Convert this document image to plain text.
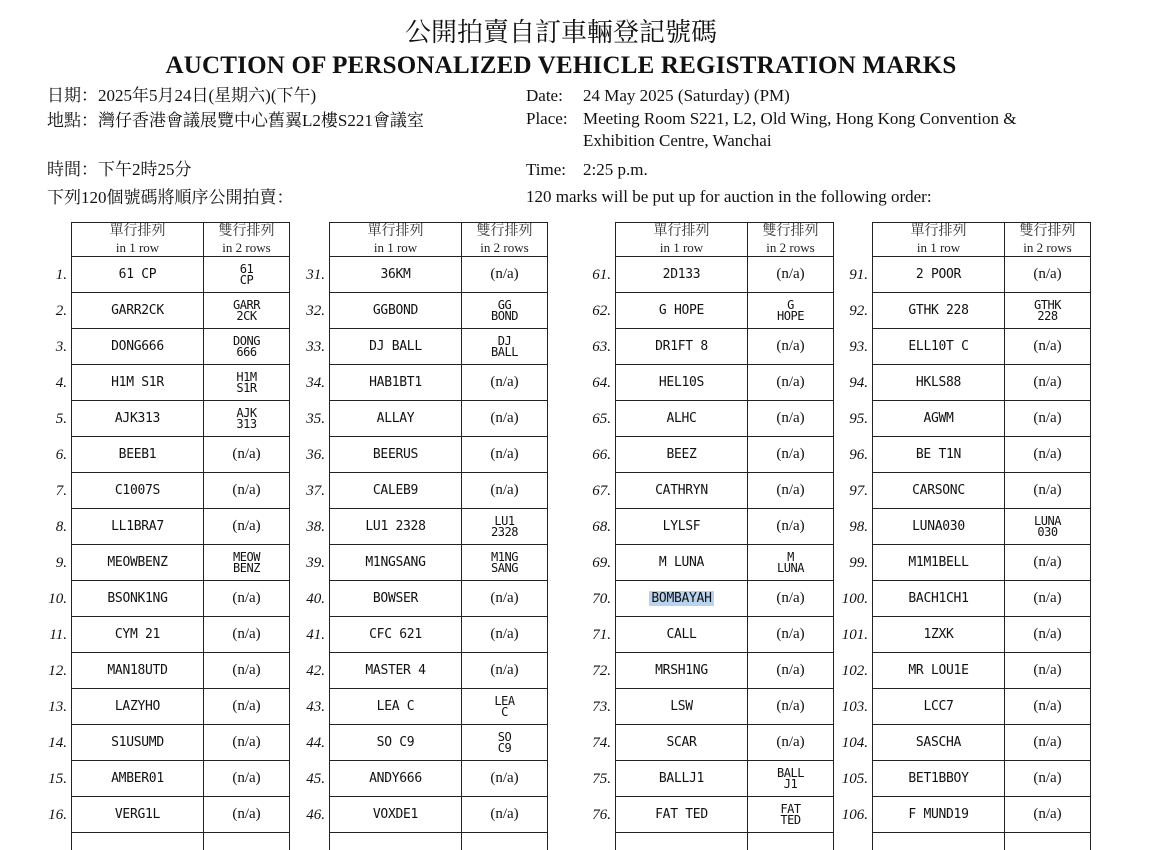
公開拍賣自訂車輛登記號碼
AUCTION OF PERSONALIZED VEHICLE REGISTRATION MARKS
日期：2025年5月24日(星期六)(下午)
地點：灣仔香港會議展覽中心舊翼L2樓S221會議室
時間：下午2時25分
下列120個號碼將順序公開拍賣：
Date: 24 May 2025 (Saturday) (PM)
Place: Meeting Room S221, L2, Old Wing, Hong Kong Convention & Exhibition Centre, Wanchai
Time: 2:25 p.m.
120 marks will be put up for auction in the following order:
單行排列
in 1 row
雙行排列
in 2 rows
1.	61 CP	61
CP
2.	GARR2CK	GARR
2CK
3.	DONG666	DONG
666
4.	H1M S1R	H1M
S1R
5.	AJK313	AJK
313
6.	BEEB1	(n/a)
7.	C1007S	(n/a)
8.	LL1BRA7	(n/a)
9.	MEOWBENZ	MEOW
BENZ
10.	BSONK1NG	(n/a)
11.	CYM 21	(n/a)
12.	MAN18UTD	(n/a)
13.	LAZYHO	(n/a)
14.	S1USUMD	(n/a)
15.	AMBER01	(n/a)
16.	VERG1L	(n/a)
單行排列
in 1 row
雙行排列
in 2 rows
31.	36KM	(n/a)
32.	GGBOND	GG
BOND
33.	DJ BALL	DJ
BALL
34.	HAB1BT1	(n/a)
35.	ALLAY	(n/a)
36.	BEERUS	(n/a)
37.	CALEB9	(n/a)
38.	LU1 2328	LU1
2328
39.	M1NGSANG	M1NG
SANG
40.	BOWSER	(n/a)
41.	CFC 621	(n/a)
42.	MASTER 4	(n/a)
43.	LEA C	LEA
C
44.	SO C9	SO
C9
45.	ANDY666	(n/a)
46.	VOXDE1	(n/a)
單行排列
in 1 row
雙行排列
in 2 rows
61.	2D133	(n/a)
62.	G HOPE	G
HOPE
63.	DR1FT 8	(n/a)
64.	HEL10S	(n/a)
65.	ALHC	(n/a)
66.	BEEZ	(n/a)
67.	CATHRYN	(n/a)
68.	LYLSF	(n/a)
69.	M LUNA	M
LUNA
70.	BOMBAYAH	(n/a)
71.	CALL	(n/a)
72.	MRSH1NG	(n/a)
73.	LSW	(n/a)
74.	SCAR	(n/a)
75.	BALLJ1	BALL
J1
76.	FAT TED	FAT
TED
單行排列
in 1 row
雙行排列
in 2 rows
91.	2 POOR	(n/a)
92.	GTHK 228	GTHK
228
93.	ELL10T C	(n/a)
94.	HKLS88	(n/a)
95.	AGWM	(n/a)
96.	BE T1N	(n/a)
97.	CARSONC	(n/a)
98.	LUNA030	LUNA
030
99.	M1M1BELL	(n/a)
100.	BACH1CH1	(n/a)
101.	1ZXK	(n/a)
102.	MR LOU1E	(n/a)
103.	LCC7	(n/a)
104.	SASCHA	(n/a)
105.	BET1BBOY	(n/a)
106.	F MUND19	(n/a)
